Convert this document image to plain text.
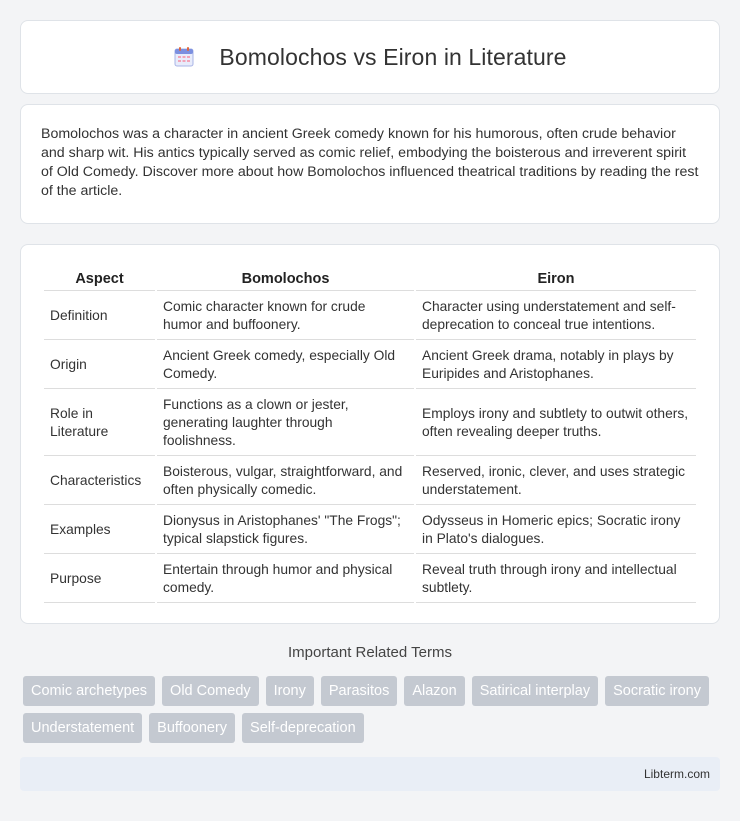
Bomolochos vs Eiron in Literature

Bomolochos was a character in ancient Greek comedy known for his humorous, often crude behavior and sharp wit. His antics typically served as comic relief, embodying the boisterous and irreverent spirit of Old Comedy. Discover more about how Bomolochos influenced theatrical traditions by reading the rest of the article.

Aspect	Bomolochos	Eiron
Definition	Comic character known for crude humor and buffoonery.	Character using understatement and self-deprecation to conceal true intentions.
Origin	Ancient Greek comedy, especially Old Comedy.	Ancient Greek drama, notably in plays by Euripides and Aristophanes.
Role in Literature	Functions as a clown or jester, generating laughter through foolishness.	Employs irony and subtlety to outwit others, often revealing deeper truths.
Characteristics	Boisterous, vulgar, straightforward, and often physically comedic.	Reserved, ironic, clever, and uses strategic understatement.
Examples	Dionysus in Aristophanes' "The Frogs"; typical slapstick figures.	Odysseus in Homeric epics; Socratic irony in Plato's dialogues.
Purpose	Entertain through humor and physical comedy.	Reveal truth through irony and intellectual subtlety.
Important Related Terms
Comic archetypes	Old Comedy	Irony	Parasitos	Alazon	Satirical interplay	Socratic irony
Understatement	Buffoonery	Self-deprecation
Libterm.com
